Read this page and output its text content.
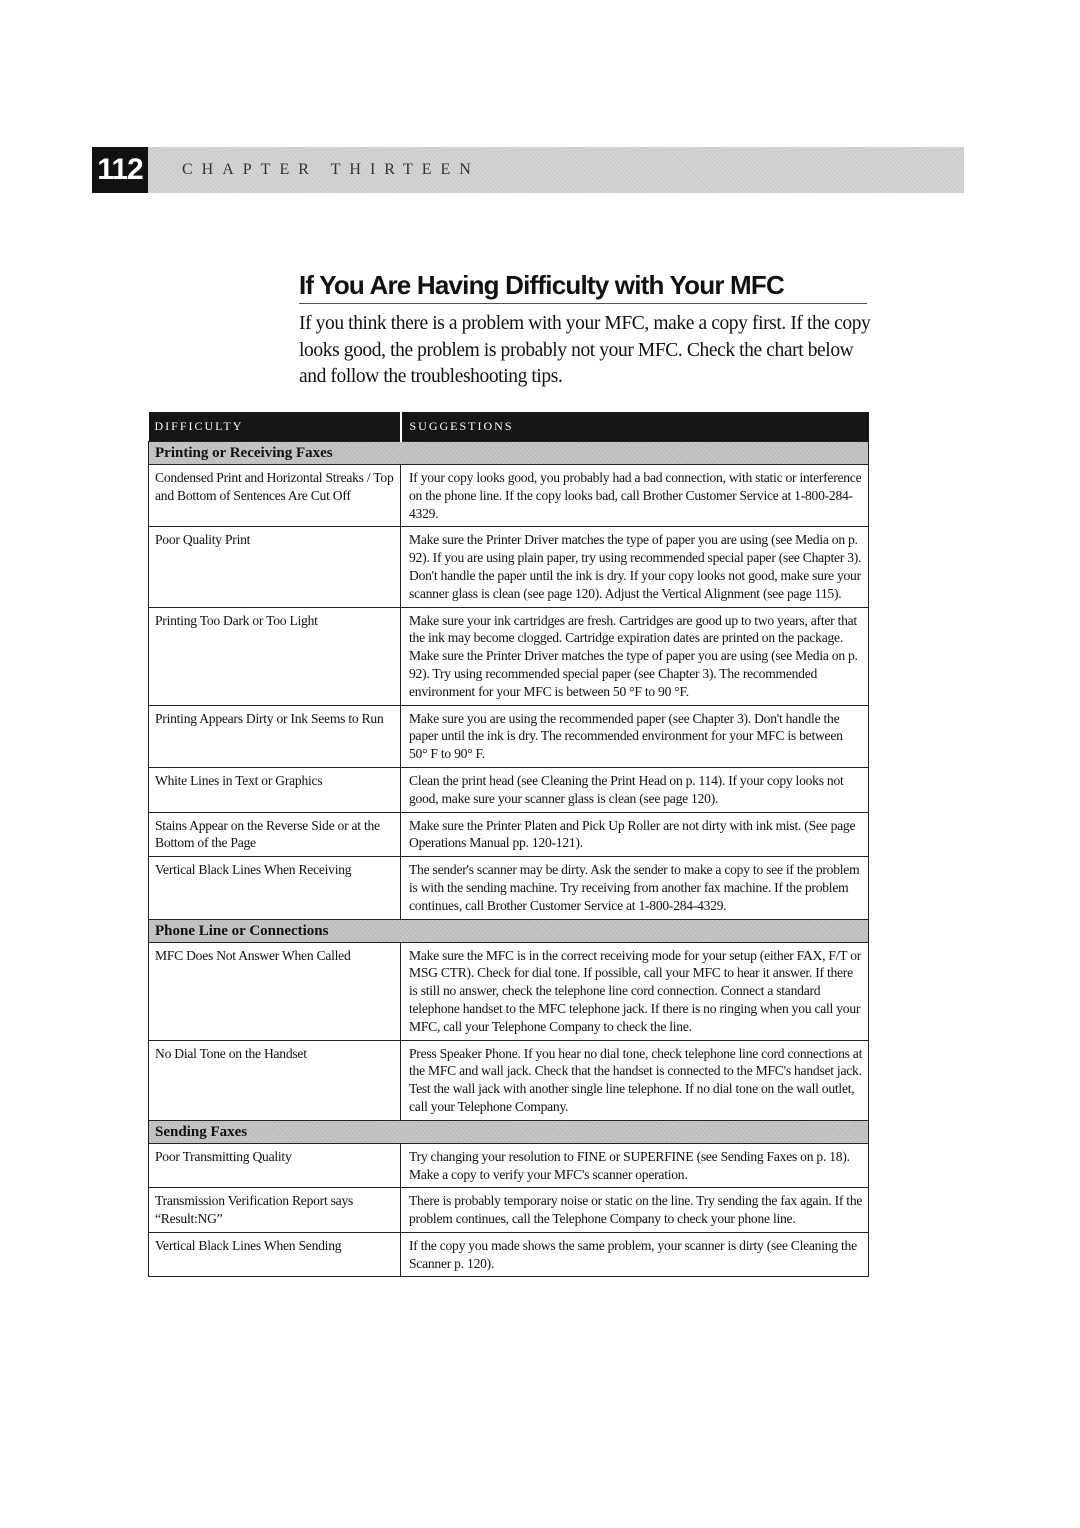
112	CHAPTER THIRTEEN
If You Are Having Difficulty with Your MFC

If you think there is a problem with your MFC, make a copy first. If the copy looks good, the problem is probably not your MFC. Check the chart below and follow the troubleshooting tips.

DIFFICULTY	SUGGESTIONS
Printing or Receiving Faxes	
Condensed Print and Horizontal Streaks / Top and Bottom of Sentences Are Cut Off	If your copy looks good, you probably had a bad connection, with static or interference on the phone line. If the copy looks bad, call Brother Customer Service at 1-800-284-4329.
Poor Quality Print	Make sure the Printer Driver matches the type of paper you are using (see Media on p. 92). If you are using plain paper, try using recommended special paper (see Chapter 3). Don't handle the paper until the ink is dry. If your copy looks not good, make sure your scanner glass is clean (see page 120). Adjust the Vertical Alignment (see page 115).
Printing Too Dark or Too Light	Make sure your ink cartridges are fresh. Cartridges are good up to two years, after that the ink may become clogged. Cartridge expiration dates are printed on the package. Make sure the Printer Driver matches the type of paper you are using (see Media on p. 92). Try using recommended special paper (see Chapter 3). The recommended environment for your MFC is between 50 °F to 90 °F.
Printing Appears Dirty or Ink Seems to Run	Make sure you are using the recommended paper (see Chapter 3). Don't handle the paper until the ink is dry. The recommended environment for your MFC is between 50° F to 90° F.
White Lines in Text or Graphics	Clean the print head (see Cleaning the Print Head on p. 114). If your copy looks not good, make sure your scanner glass is clean (see page 120).
Stains Appear on the Reverse Side or at the Bottom of the Page	Make sure the Printer Platen and Pick Up Roller are not dirty with ink mist. (See page Operations Manual pp. 120-121).
Vertical Black Lines When Receiving	The sender's scanner may be dirty. Ask the sender to make a copy to see if the problem is with the sending machine. Try receiving from another fax machine. If the problem continues, call Brother Customer Service at 1-800-284-4329.
Phone Line or Connections	
MFC Does Not Answer When Called	Make sure the MFC is in the correct receiving mode for your setup (either FAX, F/T or MSG CTR). Check for dial tone. If possible, call your MFC to hear it answer. If there is still no answer, check the telephone line cord connection. Connect a standard telephone handset to the MFC telephone jack. If there is no ringing when you call your MFC, call your Telephone Company to check the line.
No Dial Tone on the Handset	Press Speaker Phone. If you hear no dial tone, check telephone line cord connections at the MFC and wall jack. Check that the handset is connected to the MFC's handset jack. Test the wall jack with another single line telephone. If no dial tone on the wall outlet, call your Telephone Company.
Sending Faxes	
Poor Transmitting Quality	Try changing your resolution to FINE or SUPERFINE (see Sending Faxes on p. 18). Make a copy to verify your MFC's scanner operation.
Transmission Verification Report says “Result:NG”	There is probably temporary noise or static on the line. Try sending the fax again. If the problem continues, call the Telephone Company to check your phone line.
Vertical Black Lines When Sending	If the copy you made shows the same problem, your scanner is dirty (see Cleaning the Scanner p. 120).
